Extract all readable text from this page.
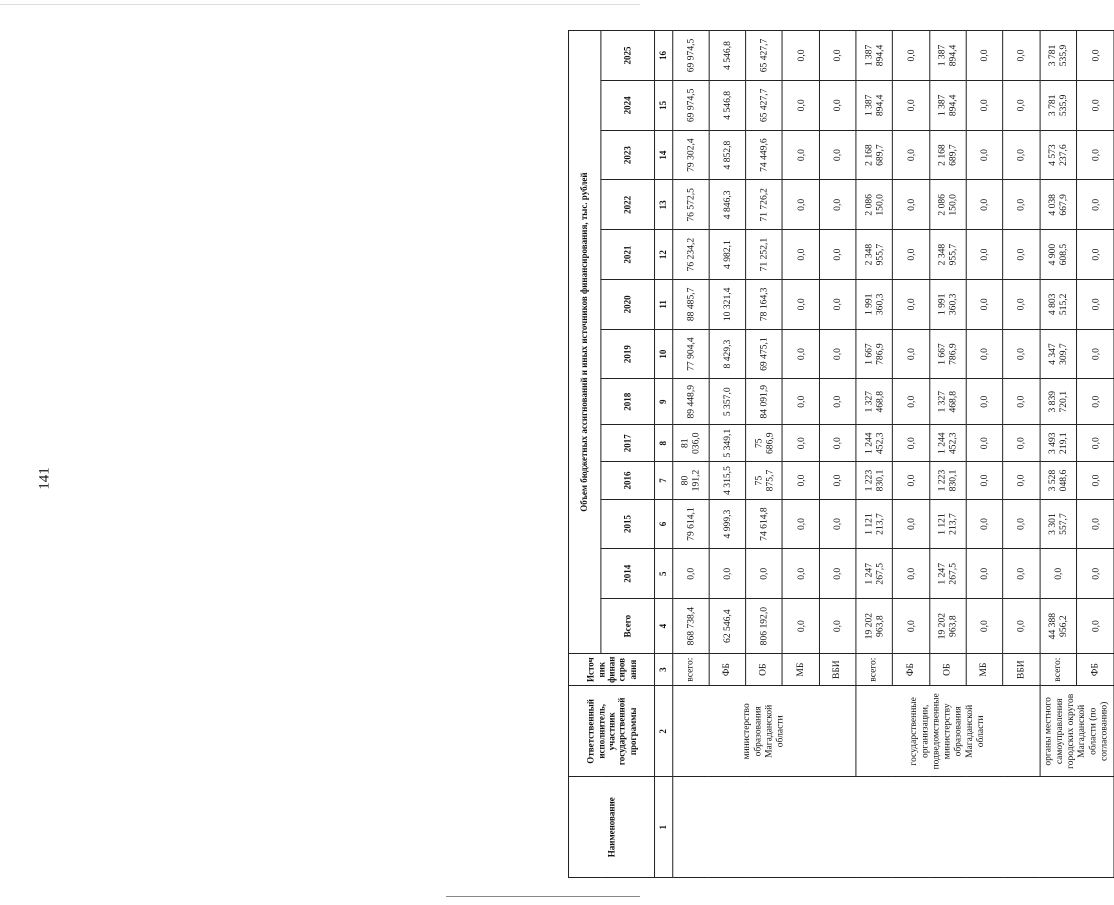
141
Наименование	Ответственный исполнитель, участник государственной программы	Источник финансирования	Объем бюджетных ассигнований и иных источников финансирования, тыс. рублей												
			Всего	2014	2015	2016	2017	2018	2019	2020	2021	2022	2023	2024	2025
1	2	3	4	5	6	7	8	9	10	11	12	13	14	15	16
	министерство образования Магаданской области	всего:	868 738,4	0,0	79 614,1	80 191,2	81 036,0	89 448,9	77 904,4	88 485,7	76 234,2	76 572,5	79 302,4	69 974,5	69 974,5
		ФБ	62 546,4	0,0	4 999,3	4 315,5	5 349,1	5 357,0	8 429,3	10 321,4	4 982,1	4 846,3	4 852,8	4 546,8	4 546,8
		ОБ	806 192,0	0,0	74 614,8	75 875,7	75 686,9	84 091,9	69 475,1	78 164,3	71 252,1	71 726,2	74 449,6	65 427,7	65 427,7
		МБ	0,0	0,0	0,0	0,0	0,0	0,0	0,0	0,0	0,0	0,0	0,0	0,0	0,0
		ВБИ	0,0	0,0	0,0	0,0	0,0	0,0	0,0	0,0	0,0	0,0	0,0	0,0	0,0
	государственные организации, подведомственные министерству образования Магаданской области	всего:	19 202 963,8	1 247 267,5	1 121 213,7	1 223 830,1	1 244 452,3	1 327 468,8	1 667 786,9	1 991 360,3	2 348 955,7	2 086 150,0	2 168 689,7	1 387 894,4	1 387 894,4
		ФБ	0,0	0,0	0,0	0,0	0,0	0,0	0,0	0,0	0,0	0,0	0,0	0,0	0,0
		ОБ	19 202 963,8	1 247 267,5	1 121 213,7	1 223 830,1	1 244 452,3	1 327 468,8	1 667 786,9	1 991 360,3	2 348 955,7	2 086 150,0	2 168 689,7	1 387 894,4	1 387 894,4
		МБ	0,0	0,0	0,0	0,0	0,0	0,0	0,0	0,0	0,0	0,0	0,0	0,0	0,0
		ВБИ	0,0	0,0	0,0	0,0	0,0	0,0	0,0	0,0	0,0	0,0	0,0	0,0	0,0
	органы местного самоуправления городских округов Магаданской области (по согласованию)	всего:	44 388 956,2	0,0	3 301 557,7	3 528 048,6	3 493 219,1	3 839 720,1	4 347 309,7	4 803 515,2	4 900 608,5	4 038 667,9	4 573 237,6	3 781 535,9	3 781 535,9
		ФБ	0,0	0,0	0,0	0,0	0,0	0,0	0,0	0,0	0,0	0,0	0,0	0,0	0,0
